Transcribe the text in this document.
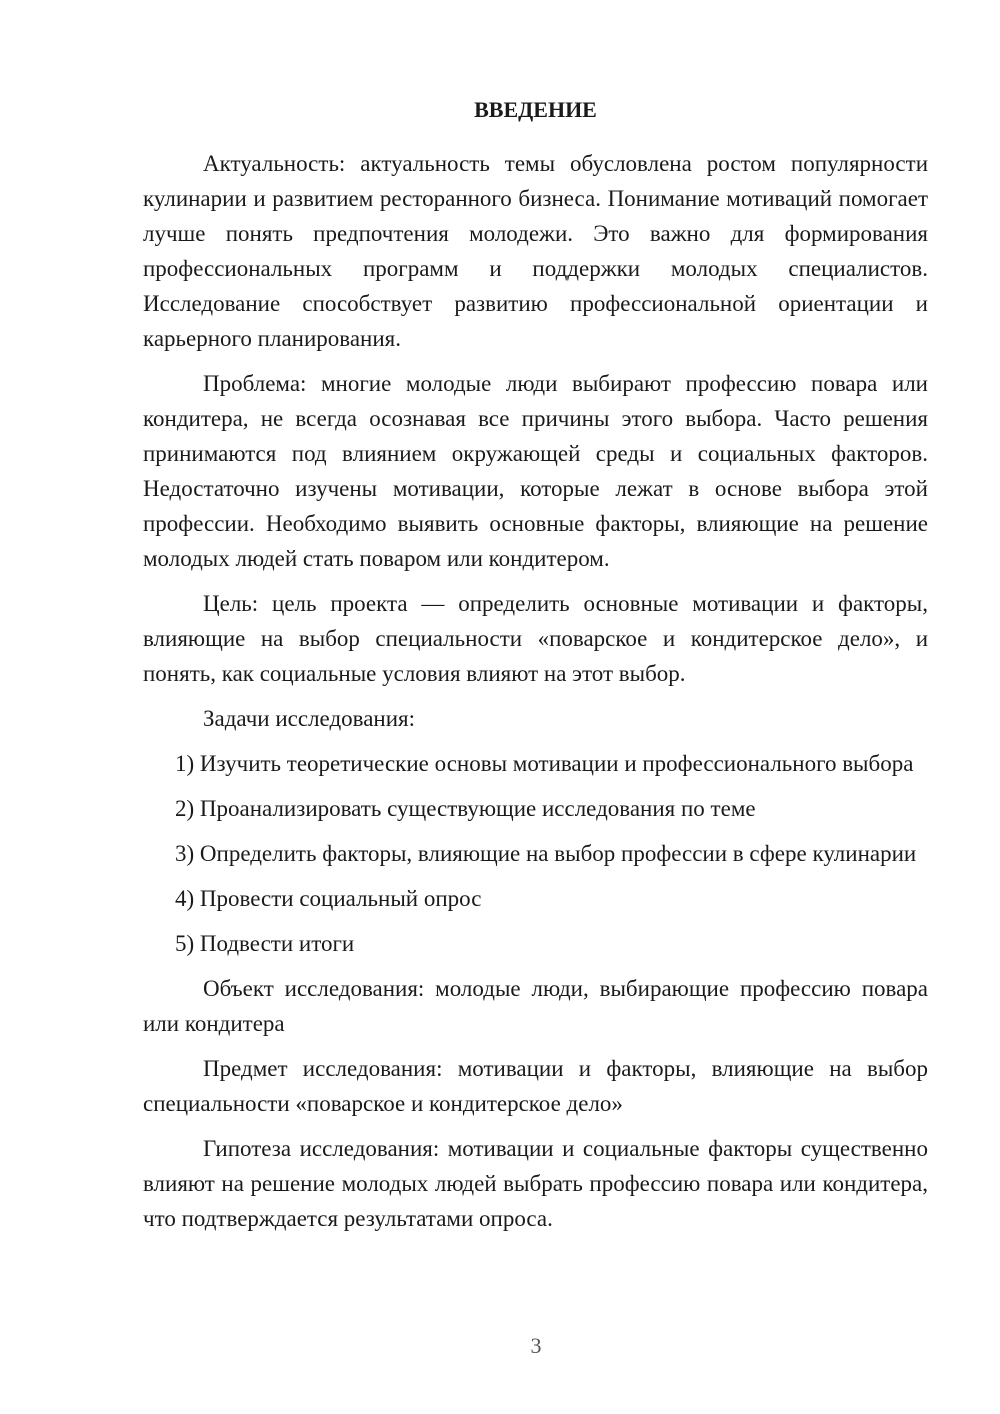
ВВЕДЕНИЕ

Актуальность: актуальность темы обусловлена ростом популярности кулинарии и развитием ресторанного бизнеса. Понимание мотиваций помогает лучше понять предпочтения молодежи. Это важно для формирования профессиональных программ и поддержки молодых специалистов. Исследование способствует развитию профессиональной ориентации и карьерного планирования.

Проблема: многие молодые люди выбирают профессию повара или кондитера, не всегда осознавая все причины этого выбора. Часто решения принимаются под влиянием окружающей среды и социальных факторов. Недостаточно изучены мотивации, которые лежат в основе выбора этой профессии. Необходимо выявить основные факторы, влияющие на решение молодых людей стать поваром или кондитером.

Цель: цель проекта — определить основные мотивации и факторы, влияющие на выбор специальности «поварское и кондитерское дело», и понять, как социальные условия влияют на этот выбор.

Задачи исследования:

1) Изучить теоретические основы мотивации и профессионального выбора

2) Проанализировать существующие исследования по теме

3) Определить факторы, влияющие на выбор профессии в сфере кулинарии

4) Провести социальный опрос

5) Подвести итоги

Объект исследования: молодые люди, выбирающие профессию повара или кондитера

Предмет исследования: мотивации и факторы, влияющие на выбор специальности «поварское и кондитерское дело»

Гипотеза исследования: мотивации и социальные факторы существенно влияют на решение молодых людей выбрать профессию повара или кондитера, что подтверждается результатами опроса.

3
